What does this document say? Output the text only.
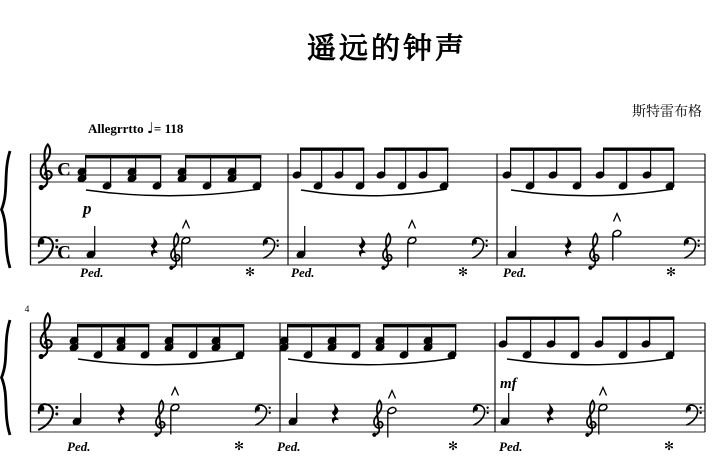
遥远的钟声
斯特雷布格
Allegrrtto ♩= 118
C
C
Ped.	✻
p
Ped.	✻	Ped.	✻
4
Ped.	✻	Ped.	✻	Ped.	✻
mf
